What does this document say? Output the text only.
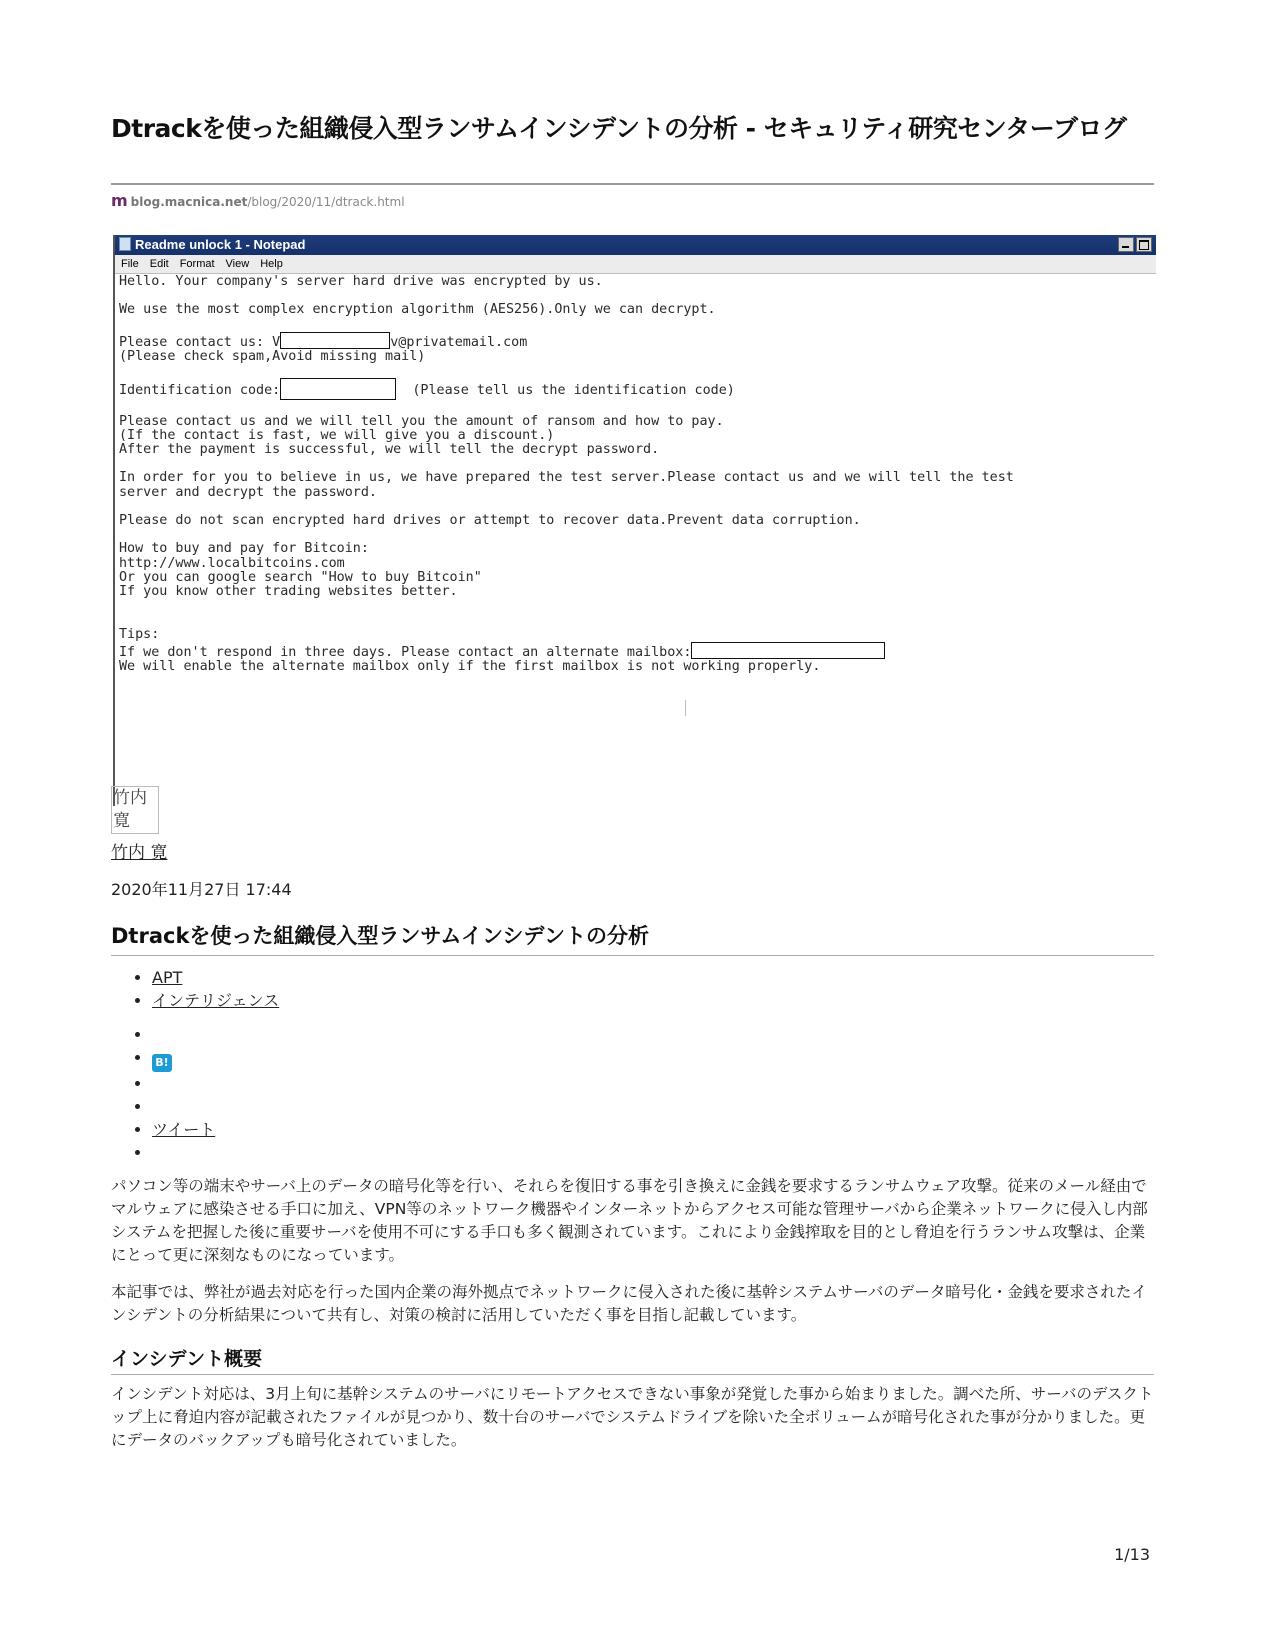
Dtrackを使った組織侵入型ランサムインシデントの分析 - セキュリティ研究センターブログ
m blog.macnica.net/blog/2020/11/dtrack.html
Readme unlock 1 - Notepad
File Edit Format View Help
Hello. Your company's server hard drive was encrypted by us.

We use the most complex encryption algorithm (AES256).Only we can decrypt.

Please contact us: V	v@privatemail.com
(Please check spam,Avoid missing mail)

Identification code:	(Please tell us the identification code)

Please contact us and we will tell you the amount of ransom and how to pay.
(If the contact is fast, we will give you a discount.)
After the payment is successful, we will tell the decrypt password.

In order for you to believe in us, we have prepared the test server.Please contact us and we will tell the test
server and decrypt the password.

Please do not scan encrypted hard drives or attempt to recover data.Prevent data corruption.

How to buy and pay for Bitcoin:
http://www.localbitcoins.com
Or you can google search "How to buy Bitcoin"
If you know other trading websites better.

Tips:
If we don't respond in three days. Please contact an alternate mailbox:
We will enable the alternate mailbox only if the first mailbox is not working properly.
竹内 寛
竹内 寛
2020年11月27日 17:44
Dtrackを使った組織侵入型ランサムインシデントの分析
• APT
• インテリジェンス
•
• B!
•
•
• ツイート
•

パソコン等の端末やサーバ上のデータの暗号化等を行い、それらを復旧する事を引き換えに金銭を要求するランサムウェア攻撃。従来のメール経由でマルウェアに感染させる手口に加え、VPN等のネットワーク機器やインターネットからアクセス可能な管理サーバから企業ネットワークに侵入し内部システムを把握した後に重要サーバを使用不可にする手口も多く観測されています。これにより金銭搾取を目的とし脅迫を行うランサム攻撃は、企業にとって更に深刻なものになっています。

本記事では、弊社が過去対応を行った国内企業の海外拠点でネットワークに侵入された後に基幹システムサーバのデータ暗号化・金銭を要求されたインシデントの分析結果について共有し、対策の検討に活用していただく事を目指し記載しています。

インシデント概要

インシデント対応は、3月上旬に基幹システムのサーバにリモートアクセスできない事象が発覚した事から始まりました。調べた所、サーバのデスクトップ上に脅迫内容が記載されたファイルが見つかり、数十台のサーバでシステムドライブを除いた全ボリュームが暗号化された事が分かりました。更にデータのバックアップも暗号化されていました。

1/13
